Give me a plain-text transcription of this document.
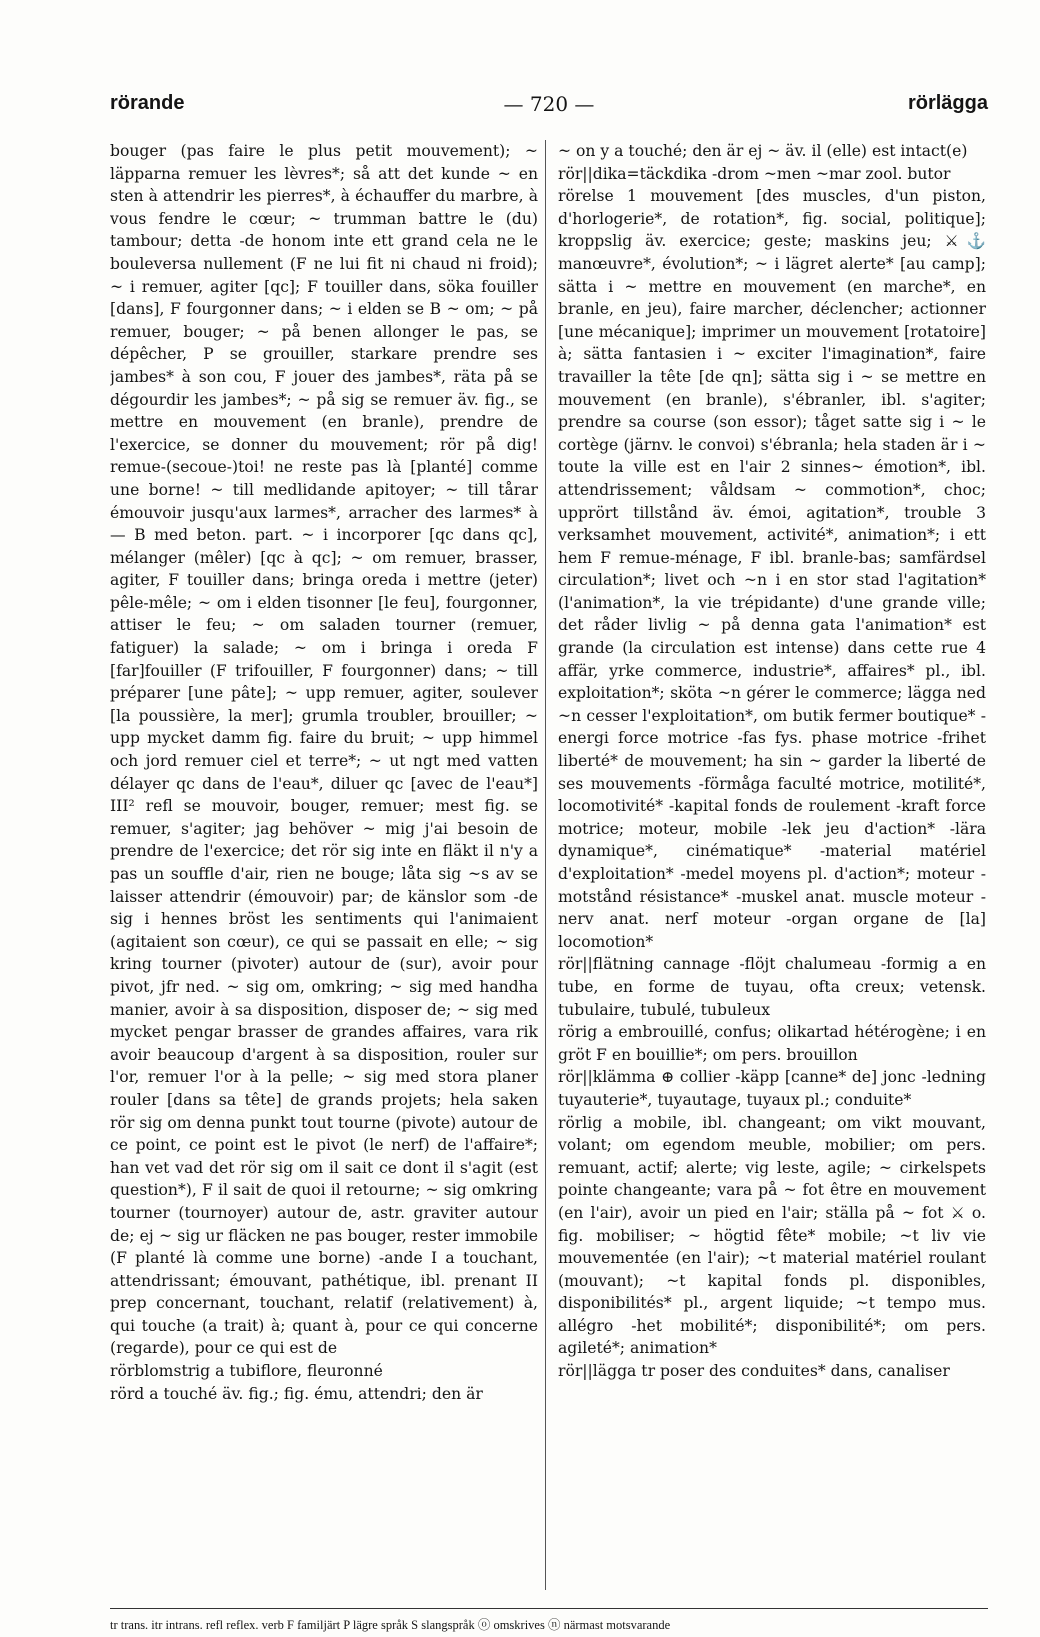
rörande	— 720 —	rörlägga

bouger (pas faire le plus petit mouvement); ~ läpparna remuer les lèvres*; så att det kunde ~ en sten à attendrir les pierres*, à échauffer du marbre, à vous fendre le cœur; ~ trumman battre le (du) tambour; detta -de honom inte ett grand cela ne le bouleversa nullement (F ne lui fit ni chaud ni froid); ~ i remuer, agiter [qc]; F touiller dans, söka fouiller [dans], F fourgonner dans; ~ i elden se B ~ om; ~ på remuer, bouger; ~ på benen allonger le pas, se dépêcher, P se grouiller, starkare prendre ses jambes* à son cou, F jouer des jambes*, räta på se dégourdir les jambes*; ~ på sig se remuer äv. fig., se mettre en mouvement (en branle), prendre de l'exercice, se donner du mouvement; rör på dig! remue-(secoue-)toi! ne reste pas là [planté] comme une borne! ~ till medlidande apitoyer; ~ till tårar émouvoir jusqu'aux larmes*, arracher des larmes* à — B med beton. part. ~ i incorporer [qc dans qc], mélanger (mêler) [qc à qc]; ~ om remuer, brasser, agiter, F touiller dans; bringa oreda i mettre (jeter) pêle-mêle; ~ om i elden tisonner [le feu], fourgonner, attiser le feu; ~ om saladen tourner (remuer, fatiguer) la salade; ~ om i bringa i oreda F [far]fouiller (F trifouiller, F fourgonner) dans; ~ till préparer [une pâte]; ~ upp remuer, agiter, soulever [la poussière, la mer]; grumla troubler, brouiller; ~ upp mycket damm fig. faire du bruit; ~ upp himmel och jord remuer ciel et terre*; ~ ut ngt med vatten délayer qc dans de l'eau*, diluer qc [avec de l'eau*] III² refl se mouvoir, bouger, remuer; mest fig. se remuer, s'agiter; jag behöver ~ mig j'ai besoin de prendre de l'exercice; det rör sig inte en fläkt il n'y a pas un souffle d'air, rien ne bouge; låta sig ~s av se laisser attendrir (émouvoir) par; de känslor som -de sig i hennes bröst les sentiments qui l'animaient (agitaient son cœur), ce qui se passait en elle; ~ sig kring tourner (pivoter) autour de (sur), avoir pour pivot, jfr ned. ~ sig om, omkring; ~ sig med handha manier, avoir à sa disposition, disposer de; ~ sig med mycket pengar brasser de grandes affaires, vara rik avoir beaucoup d'argent à sa disposition, rouler sur l'or, remuer l'or à la pelle; ~ sig med stora planer rouler [dans sa tête] de grands projets; hela saken rör sig om denna punkt tout tourne (pivote) autour de ce point, ce point est le pivot (le nerf) de l'affaire*; han vet vad det rör sig om il sait ce dont il s'agit (est question*), F il sait de quoi il retourne; ~ sig omkring tourner (tournoyer) autour de, astr. graviter autour de; ej ~ sig ur fläcken ne pas bouger, rester immobile (F planté là comme une borne) -ande I a touchant, attendrissant; émouvant, pathétique, ibl. prenant II prep concernant, touchant, relatif (relativement) à, qui touche (a trait) à; quant à, pour ce qui concerne (regarde), pour ce qui est de

rörblomstrig a tubiflore, fleuronné

rörd a touché äv. fig.; fig. ému, attendri; den är

~ on y a touché; den är ej ~ äv. il (elle) est intact(e)

rör||dika=täckdika -drom ~men ~mar zool. butor

rörelse 1 mouvement [des muscles, d'un piston, d'horlogerie*, de rotation*, fig. social, politique]; kroppslig äv. exercice; geste; maskins jeu; ⚔⚓ manœuvre*, évolution*; ~ i lägret alerte* [au camp]; sätta i ~ mettre en mouvement (en marche*, en branle, en jeu), faire marcher, déclencher; actionner [une mécanique]; imprimer un mouvement [rotatoire] à; sätta fantasien i ~ exciter l'imagination*, faire travailler la tête [de qn]; sätta sig i ~ se mettre en mouvement (en branle), s'ébranler, ibl. s'agiter; prendre sa course (son essor); tåget satte sig i ~ le cortège (järnv. le convoi) s'ébranla; hela staden är i ~ toute la ville est en l'air 2 sinnes~ émotion*, ibl. attendrissement; våldsam ~ commotion*, choc; upprört tillstånd äv. émoi, agitation*, trouble 3 verksamhet mouvement, activité*, animation*; i ett hem F remue-ménage, F ibl. branle-bas; samfärdsel circulation*; livet och ~n i en stor stad l'agitation* (l'animation*, la vie trépidante) d'une grande ville; det råder livlig ~ på denna gata l'animation* est grande (la circulation est intense) dans cette rue 4 affär, yrke commerce, industrie*, affaires* pl., ibl. exploitation*; sköta ~n gérer le commerce; lägga ned ~n cesser l'exploitation*, om butik fermer boutique* -energi force motrice -fas fys. phase motrice -frihet liberté* de mouvement; ha sin ~ garder la liberté de ses mouvements -förmåga faculté motrice, motilité*, locomotivité* -kapital fonds de roulement -kraft force motrice; moteur, mobile -lek jeu d'action* -lära dynamique*, cinématique* -material matériel d'exploitation* -medel moyens pl. d'action*; moteur -motstånd résistance* -muskel anat. muscle moteur -nerv anat. nerf moteur -organ organe de [la] locomotion*

rör||flätning cannage -flöjt chalumeau -formig a en tube, en forme de tuyau, ofta creux; vetensk. tubulaire, tubulé, tubuleux

rörig a embrouillé, confus; olikartad hétérogène; i en gröt F en bouillie*; om pers. brouillon

rör||klämma ⊕ collier -käpp [canne* de] jonc -ledning tuyauterie*, tuyautage, tuyaux pl.; conduite*

rörlig a mobile, ibl. changeant; om vikt mouvant, volant; om egendom meuble, mobilier; om pers. remuant, actif; alerte; vig leste, agile; ~ cirkelspets pointe changeante; vara på ~ fot être en mouvement (en l'air), avoir un pied en l'air; ställa på ~ fot ⚔ o. fig. mobiliser; ~ högtid fête* mobile; ~t liv vie mouvementée (en l'air); ~t material matériel roulant (mouvant); ~t kapital fonds pl. disponibles, disponibilités* pl., argent liquide; ~t tempo mus. allégro -het mobilité*; disponibilité*; om pers. agileté*; animation*

rör||lägga tr poser des conduites* dans, canaliser

tr trans. itr intrans. refl reflex. verb F familjärt P lägre språk S slangspråk ⓞ omskrives ⓝ närmast motsvarande
